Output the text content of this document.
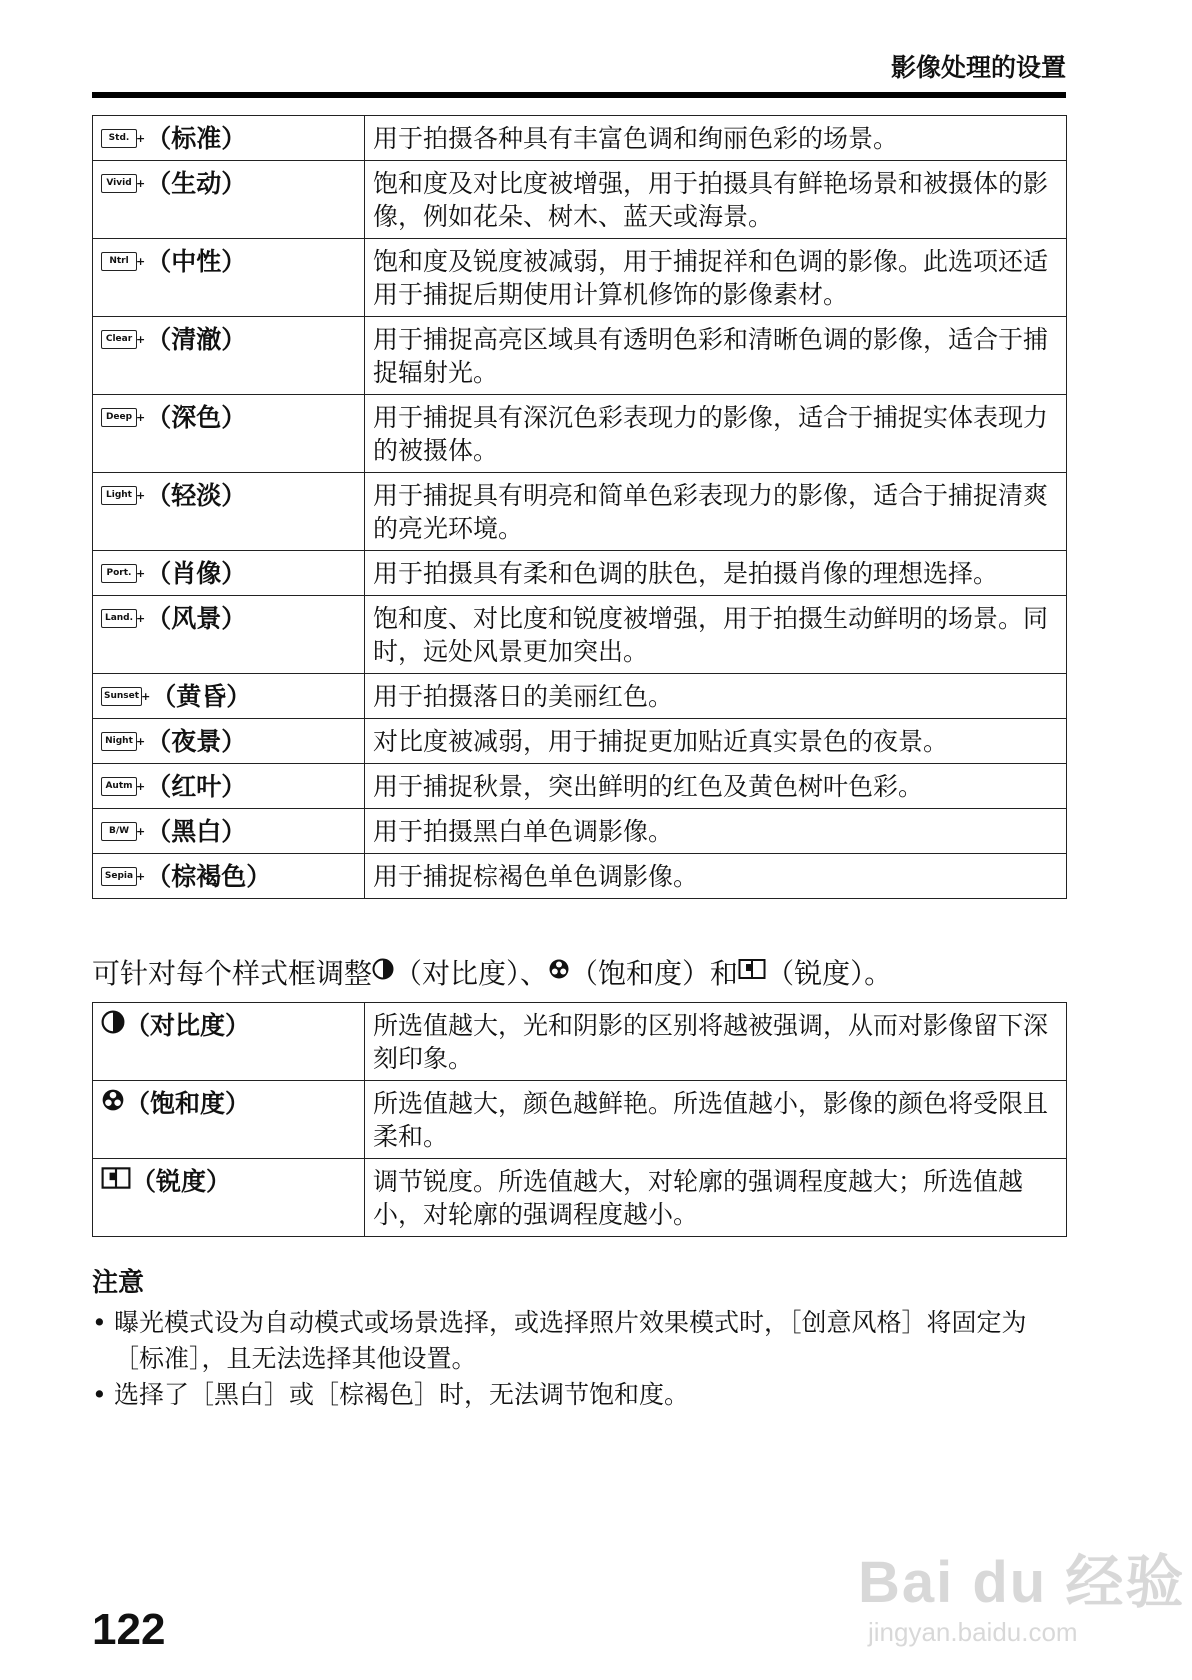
影像处理的设置
Std. +（标准）	用于拍摄各种具有丰富色调和绚丽色彩的场景。
Vivid +（生动）	饱和度及对比度被增强，用于拍摄具有鲜艳场景和被摄体的影像，例如花朵、树木、蓝天或海景。
Ntrl +（中性）	饱和度及锐度被减弱，用于捕捉祥和色调的影像。此选项还适用于捕捉后期使用计算机修饰的影像素材。
Clear +（清澈）	用于捕捉高亮区域具有透明色彩和清晰色调的影像，适合于捕捉辐射光。
Deep +（深色）	用于捕捉具有深沉色彩表现力的影像，适合于捕捉实体表现力的被摄体。
Light +（轻淡）	用于捕捉具有明亮和简单色彩表现力的影像，适合于捕捉清爽的亮光环境。
Port. +（肖像）	用于拍摄具有柔和色调的肤色，是拍摄肖像的理想选择。
Land. +（风景）	饱和度、对比度和锐度被增强，用于拍摄生动鲜明的场景。同时，远处风景更加突出。
Sunset +（黄昏）	用于拍摄落日的美丽红色。
Night +（夜景）	对比度被减弱，用于捕捉更加贴近真实景色的夜景。
Autm +（红叶）	用于捕捉秋景，突出鲜明的红色及黄色树叶色彩。
B/W +（黑白）	用于拍摄黑白单色调影像。
Sepia +（棕褐色）	用于捕捉棕褐色单色调影像。
可针对每个样式框调整 （对比度）、 （饱和度）和 （锐度）。
（对比度）	所选值越大，光和阴影的区别将越被强调，从而对影像留下深刻印象。
（饱和度）	所选值越大，颜色越鲜艳。所选值越小，影像的颜色将受限且柔和。
（锐度）	调节锐度。所选值越大，对轮廓的强调程度越大；所选值越小，对轮廓的强调程度越小。
注意
• 曝光模式设为自动模式或场景选择，或选择照片效果模式时，［创意风格］将固定为［标准］，且无法选择其他设置。
• 选择了［黑白］或［棕褐色］时，无法调节饱和度。
122
Bai du 经验
jingyan.baidu.com
